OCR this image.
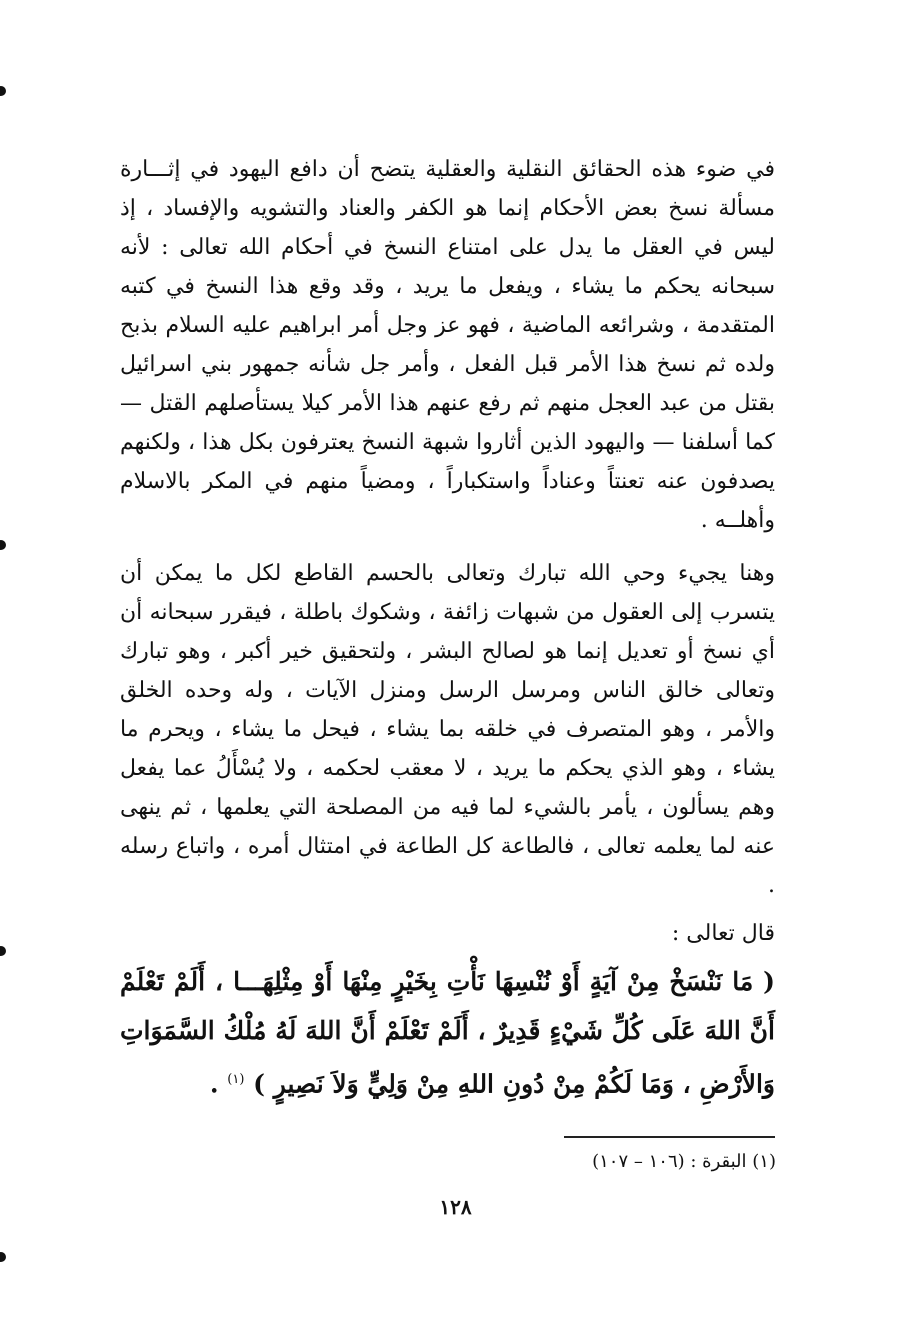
في ضوء هذه الحقائق النقلية والعقلية يتضح أن دافع اليهود في إثـــارة مسألة نسخ بعض الأحكام إنما هو الكفر والعناد والتشويه والإفساد ، إذ ليس في العقل ما يدل على امتناع النسخ في أحكام الله تعالى : لأنه سبحانه يحكم ما يشاء ، ويفعل ما يريد ، وقد وقع هذا النسخ في كتبه المتقدمة ، وشرائعه الماضية ، فهو عز وجل أمر ابراهيم عليه السلام بذبح ولده ثم نسخ هذا الأمر قبل الفعل ، وأمر جل شأنه جمهور بني اسرائيل بقتل من عبد العجل منهم ثم رفع عنهم هذا الأمر كيلا يستأصلهم القتل — كما أسلفنا — واليهود الذين أثاروا شبهة النسخ يعترفون بكل هذا ، ولكنهم يصدفون عنه تعنتاً وعناداً واستكباراً ، ومضياً منهم في المكر بالاسلام وأهلــه .

وهنا يجيء وحي الله تبارك وتعالى بالحسم القاطع لكل ما يمكن أن يتسرب إلى العقول من شبهات زائفة ، وشكوك باطلة ، فيقرر سبحانه أن أي نسخ أو تعديل إنما هو لصالح البشر ، ولتحقيق خير أكبر ، وهو تبارك وتعالى خالق الناس ومرسل الرسل ومنزل الآيات ، وله وحده الخلق والأمر ، وهو المتصرف في خلقه بما يشاء ، فيحل ما يشاء ، ويحرم ما يشاء ، وهو الذي يحكم ما يريد ، لا معقب لحكمه ، ولا يُسْأَلُ عما يفعل وهم يسألون ، يأمر بالشيء لما فيه من المصلحة التي يعلمها ، ثم ينهى عنه لما يعلمه تعالى ، فالطاعة كل الطاعة في امتثال أمره ، واتباع رسله .

قال تعالى :

( مَا نَنْسَخْ مِنْ آيَةٍ أَوْ نُنْسِهَا نَأْتِ بِخَيْرٍ مِنْهَا أَوْ مِثْلِهَـــا ، أَلَمْ تَعْلَمْ أَنَّ اللهَ عَلَى كُلِّ شَيْءٍ قَدِيرٌ ، أَلَمْ تَعْلَمْ أَنَّ اللهَ لَهُ مُلْكُ السَّمَوَاتِ وَالأَرْضِ ، وَمَا لَكُمْ مِنْ دُونِ اللهِ مِنْ وَلِيٍّ وَلاَ نَصِيرٍ ) $^{(١)}$ .

(١) البقرة : (١٠٦ – ١٠٧)
١٢٨
